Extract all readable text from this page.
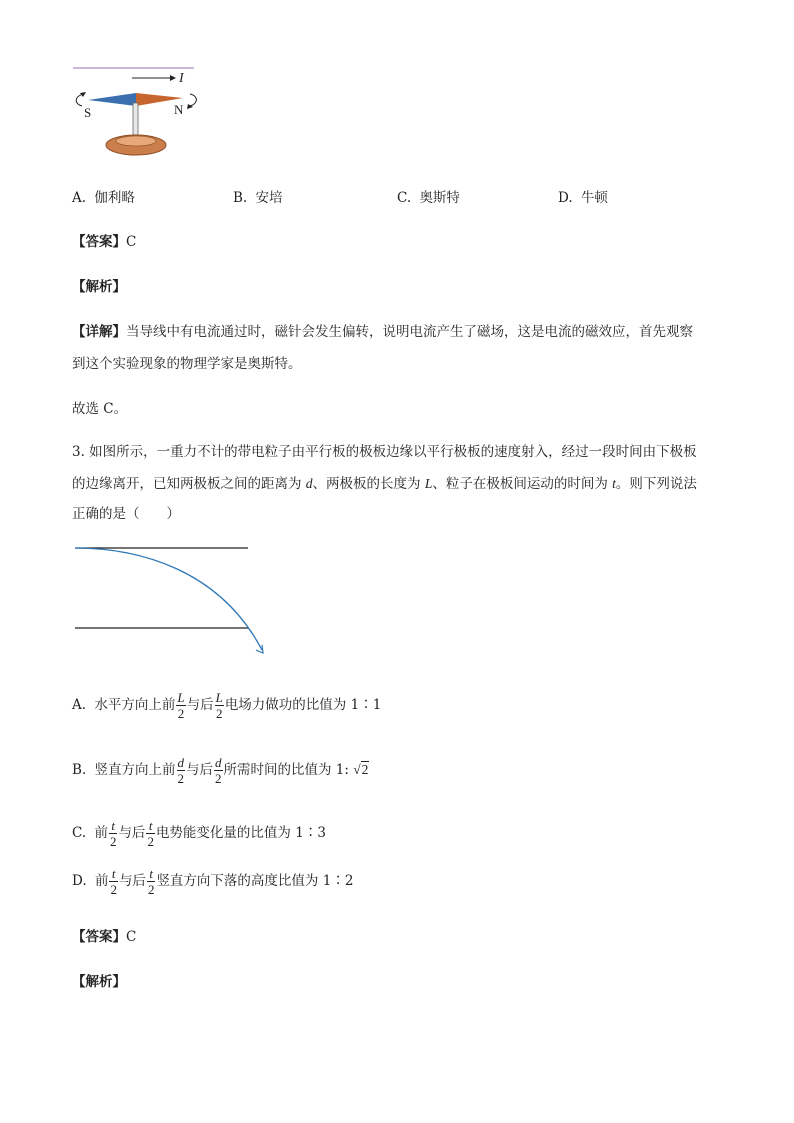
I
S	N
A. 伽利略	B. 安培	C. 奥斯特	D. 牛顿
【答案】C
【解析】
【详解】当导线中有电流通过时，磁针会发生偏转，说明电流产生了磁场，这是电流的磁效应，首先观察
到这个实验现象的物理学家是奥斯特。
故选 C。
3. 如图所示，一重力不计的带电粒子由平行板的极板边缘以平行极板的速度射入，经过一段时间由下极板
的边缘离开，已知两极板之间的距离为 d、两极板的长度为 L、粒子在极板间运动的时间为 t。则下列说法
正确的是（　　）
A. 水平方向上前 $\frac{L}{2}$ 与后 $\frac{L}{2}$ 电场力做功的比值为 1∶1
B. 竖直方向上前 $\frac{d}{2}$ 与后 $\frac{d}{2}$ 所需时间的比值为 1: √2
C. 前 $\frac{t}{2}$ 与后 $\frac{t}{2}$ 电势能变化量的比值为 1∶3
D. 前 $\frac{t}{2}$ 与后 $\frac{t}{2}$ 竖直方向下落的高度比值为 1∶2
【答案】C
【解析】
